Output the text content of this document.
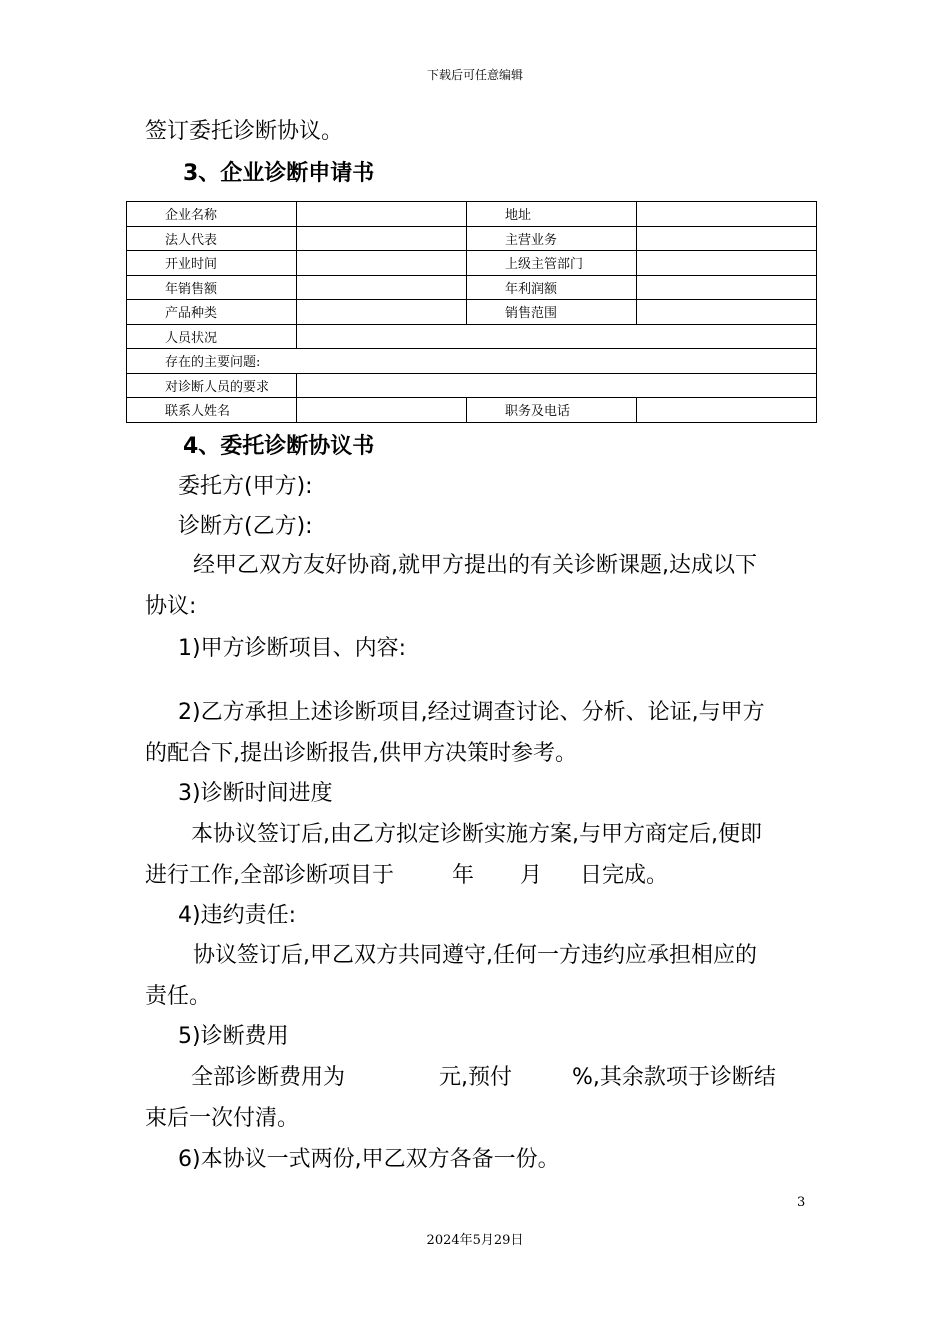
下载后可任意编辑
签订委托诊断协议。
3、企业诊断申请书
企业名称		地址	
法人代表		主营业务	
开业时间		上级主管部门	
年销售额		年利润额	
产品种类		销售范围	
人员状况			
存在的主要问题:			
对诊断人员的要求			
联系人姓名		职务及电话	
4、委托诊断协议书
委托方(甲方):
诊断方(乙方):
经甲乙双方友好协商,就甲方提出的有关诊断课题,达成以下
协议:
1)甲方诊断项目、内容:
2)乙方承担上述诊断项目,经过调查讨论、分析、论证,与甲方
的配合下,提出诊断报告,供甲方决策时参考。
3)诊断时间进度
本协议签订后,由乙方拟定诊断实施方案,与甲方商定后,便即
进行工作,全部诊断项目于	年 月 日完成。
4)违约责任:
协议签订后,甲乙双方共同遵守,任何一方违约应承担相应的
责任。
5)诊断费用
全部诊断费用为	元,预付	%,其余款项于诊断结
束后一次付清。
6)本协议一式两份,甲乙双方各备一份。
3
2024年5月29日
